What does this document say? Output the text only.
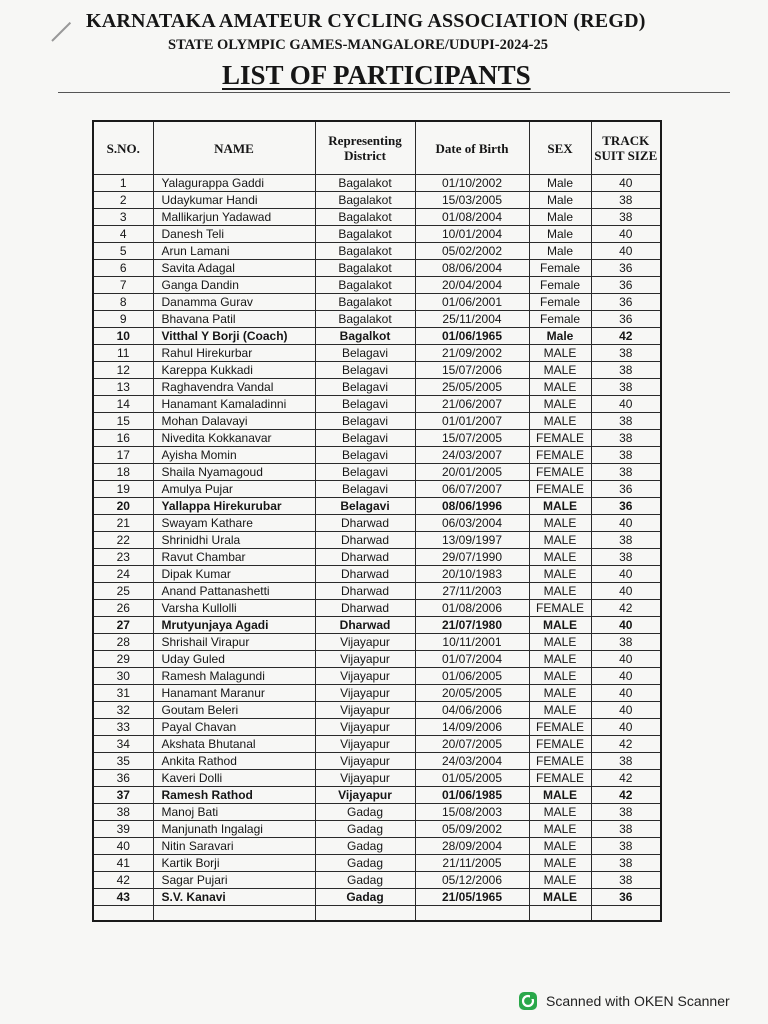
KARNATAKA AMATEUR CYCLING ASSOCIATION (REGD)
STATE OLYMPIC GAMES-MANGALORE/UDUPI-2024-25
LIST OF PARTICIPANTS
S.NO.	NAME	Representing District	Date of Birth	SEX	TRACK SUIT SIZE
1	Yalagurappa Gaddi	Bagalakot	01/10/2002	Male	40
2	Udaykumar Handi	Bagalakot	15/03/2005	Male	38
3	Mallikarjun Yadawad	Bagalakot	01/08/2004	Male	38
4	Danesh Teli	Bagalakot	10/01/2004	Male	40
5	Arun Lamani	Bagalakot	05/02/2002	Male	40
6	Savita Adagal	Bagalakot	08/06/2004	Female	36
7	Ganga Dandin	Bagalakot	20/04/2004	Female	36
8	Danamma Gurav	Bagalakot	01/06/2001	Female	36
9	Bhavana Patil	Bagalakot	25/11/2004	Female	36
10	Vitthal Y Borji (Coach)	Bagalkot	01/06/1965	Male	42
11	Rahul Hirekurbar	Belagavi	21/09/2002	MALE	38
12	Kareppa Kukkadi	Belagavi	15/07/2006	MALE	38
13	Raghavendra Vandal	Belagavi	25/05/2005	MALE	38
14	Hanamant Kamaladinni	Belagavi	21/06/2007	MALE	40
15	Mohan Dalavayi	Belagavi	01/01/2007	MALE	38
16	Nivedita Kokkanavar	Belagavi	15/07/2005	FEMALE	38
17	Ayisha Momin	Belagavi	24/03/2007	FEMALE	38
18	Shaila Nyamagoud	Belagavi	20/01/2005	FEMALE	38
19	Amulya Pujar	Belagavi	06/07/2007	FEMALE	36
20	Yallappa Hirekurubar	Belagavi	08/06/1996	MALE	36
21	Swayam Kathare	Dharwad	06/03/2004	MALE	40
22	Shrinidhi Urala	Dharwad	13/09/1997	MALE	38
23	Ravut Chambar	Dharwad	29/07/1990	MALE	38
24	Dipak Kumar	Dharwad	20/10/1983	MALE	40
25	Anand Pattanashetti	Dharwad	27/11/2003	MALE	40
26	Varsha Kullolli	Dharwad	01/08/2006	FEMALE	42
27	Mrutyunjaya Agadi	Dharwad	21/07/1980	MALE	40
28	Shrishail Virapur	Vijayapur	10/11/2001	MALE	38
29	Uday Guled	Vijayapur	01/07/2004	MALE	40
30	Ramesh Malagundi	Vijayapur	01/06/2005	MALE	40
31	Hanamant Maranur	Vijayapur	20/05/2005	MALE	40
32	Goutam Beleri	Vijayapur	04/06/2006	MALE	40
33	Payal Chavan	Vijayapur	14/09/2006	FEMALE	40
34	Akshata Bhutanal	Vijayapur	20/07/2005	FEMALE	42
35	Ankita Rathod	Vijayapur	24/03/2004	FEMALE	38
36	Kaveri Dolli	Vijayapur	01/05/2005	FEMALE	42
37	Ramesh Rathod	Vijayapur	01/06/1985	MALE	42
38	Manoj Bati	Gadag	15/08/2003	MALE	38
39	Manjunath Ingalagi	Gadag	05/09/2002	MALE	38
40	Nitin Saravari	Gadag	28/09/2004	MALE	38
41	Kartik Borji	Gadag	21/11/2005	MALE	38
42	Sagar Pujari	Gadag	05/12/2006	MALE	38
43	S.V. Kanavi	Gadag	21/05/1965	MALE	36

Scanned with OKEN Scanner
